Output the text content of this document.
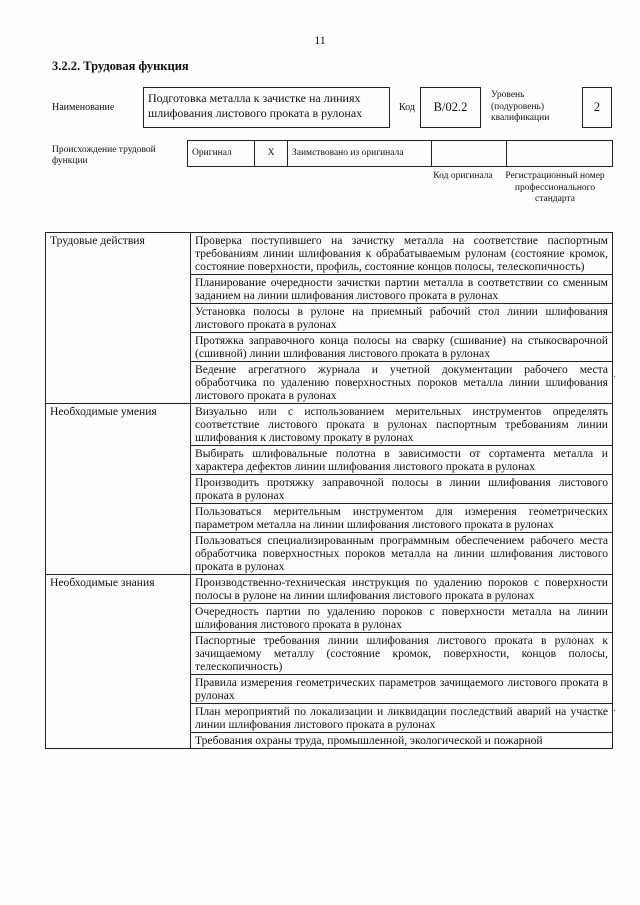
11
3.2.2. Трудовая функция
Наименование
Подготовка металла к зачистке на линиях шлифования листового проката в рулонах	Код	B/02.2
Уровень (подуровень) квалификации
2
Происхождение трудовой функции
Оригинал	X	Заимствовано из оригинала		
Код оригинала	Регистрационный номер профессионального стандарта
Трудовые действия	Проверка поступившего на зачистку металла на соответствие паспортным требованиям линии шлифования к обрабатываемым рулонам (состояние кромок, состояние поверхности, профиль, состояние концов полосы, телескопичность)
	Планирование очередности зачистки партии металла в соответствии со сменным заданием на линии шлифования листового проката в рулонах
	Установка полосы в рулоне на приемный рабочий стол линии шлифования листового проката в рулонах
	Протяжка заправочного конца полосы на сварку (сшивание) на стыкосварочной (сшивной) линии шлифования листового проката в рулонах
	Ведение агрегатного журнала и учетной документации рабочего места обработчика по удалению поверхностных пороков металла линии шлифования листового проката в рулонах
Необходимые умения	Визуально или с использованием мерительных инструментов определять соответствие листового проката в рулонах паспортным требованиям линии шлифования к листовому прокату в рулонах
	Выбирать шлифовальные полотна в зависимости от сортамента металла и характера дефектов линии шлифования листового проката в рулонах
	Производить протяжку заправочной полосы в линии шлифования листового проката в рулонах
	Пользоваться мерительным инструментом для измерения геометрических параметром металла на линии шлифования листового проката в рулонах
	Пользоваться специализированным программным обеспечением рабочего места обработчика поверхностных пороков металла на линии шлифования листового проката в рулонах
Необходимые знания	Производственно-техническая инструкция по удалению пороков с поверхности полосы в рулоне на линии шлифования листового проката в рулонах
	Очередность партии по удалению пороков с поверхности металла на линии шлифования листового проката в рулонах
	Паспортные требования линии шлифования листового проката в рулонах к зачищаемому металлу (состояние кромок, поверхности, концов полосы, телескопичность)
	Правила измерения геометрических параметров зачищаемого листового проката в рулонах
	План мероприятий по локализации и ликвидации последствий аварий на участке линии шлифования листового проката в рулонах
	Требования охраны труда, промышленной, экологической и пожарной
·
·
